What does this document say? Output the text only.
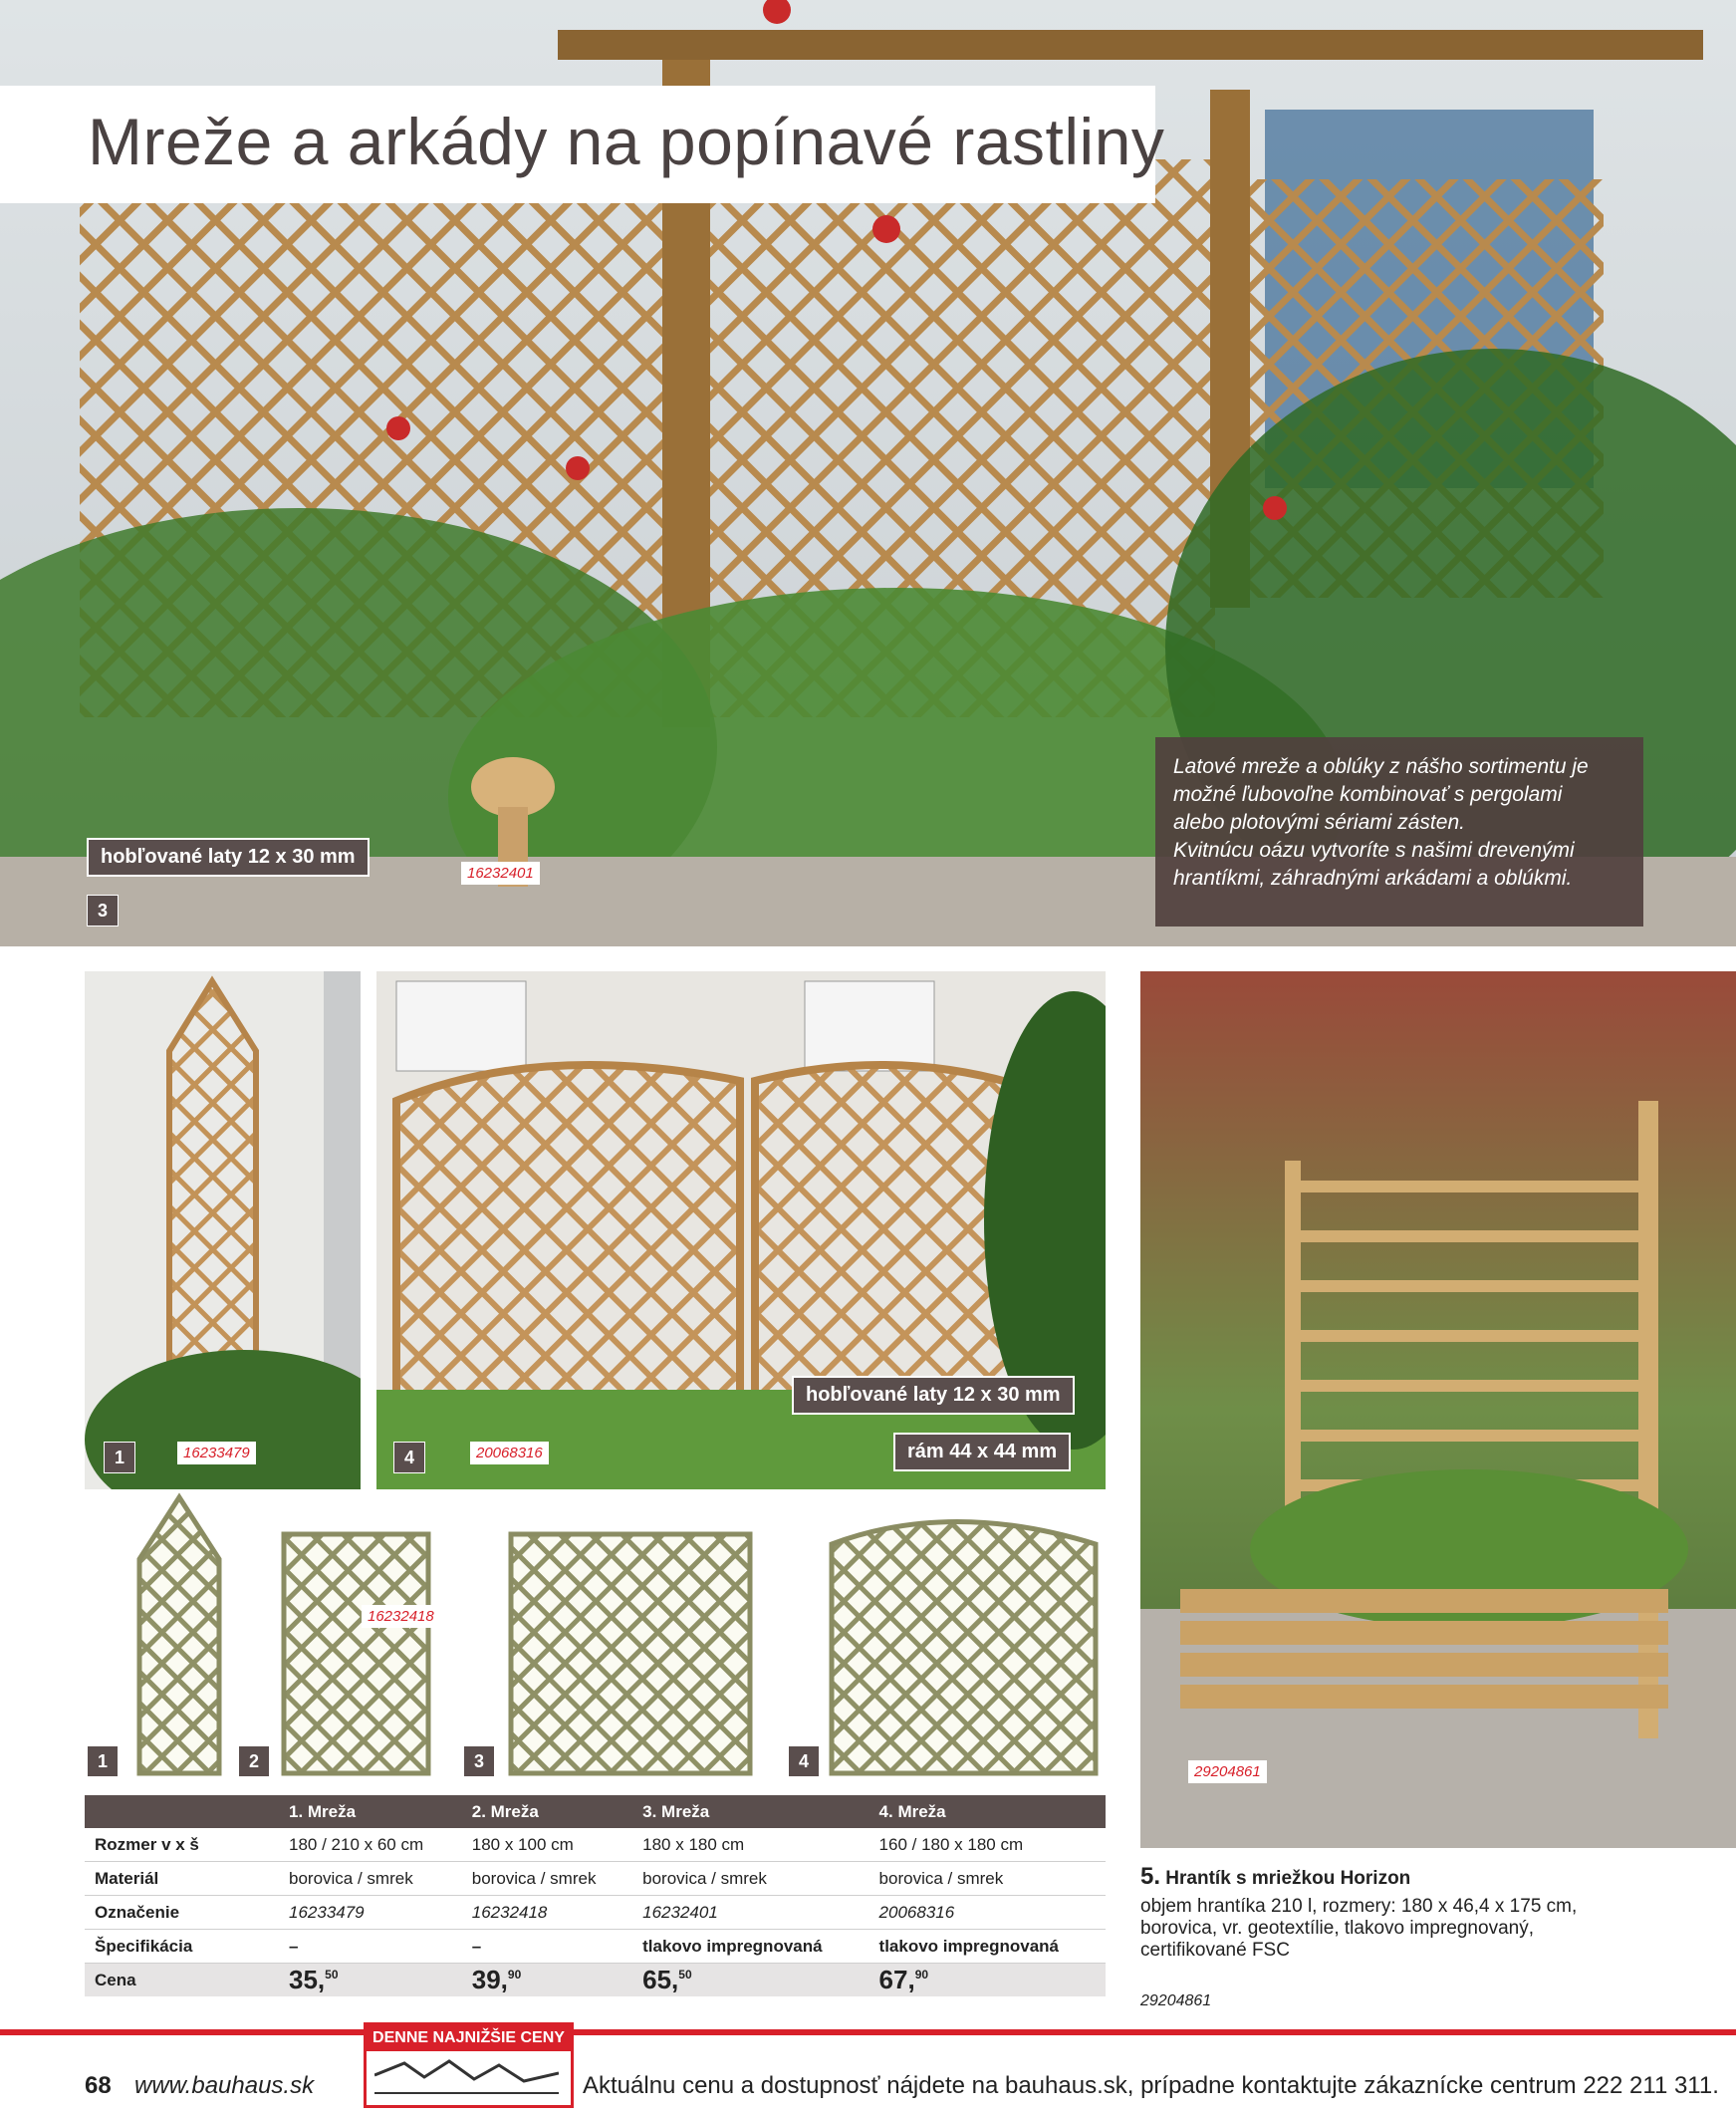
Mreže a arkády na popínavé rastliny
hobľované laty 12 x 30 mm
3
16232401
Latové mreže a oblúky z nášho sortimentu je
možné ľubovoľne kombinovať s pergolami
alebo plotovými sériami zásten.
Kvitnúcu oázu vytvoríte s našimi drevenými
hrantíkmi, záhradnými arkádami a oblúkmi.
1	16233479
hobľované laty 12 x 30 mm
rám 44 x 44 mm
4	20068316
29204861
1	2	3	4
16232418
	1. Mreža	2. Mreža	3. Mreža	4. Mreža
Rozmer v x š	180 / 210 x 60 cm	180 x 100 cm	180 x 180 cm	160 / 180 x 180 cm
Materiál	borovica / smrek	borovica / smrek	borovica / smrek	borovica / smrek
Označenie	16233479	16232418	16232401	20068316
Špecifikácia	–	–	tlakovo impregnovaná	tlakovo impregnovaná
Cena	35,50	39,90	65,50	67,90
5. Hrantík s mriežkou Horizon
objem hrantíka 210 l, rozmery: 180 x 46,4 x 175 cm, borovica, vr. geotextílie, tlakovo impregnovaný, certifikované FSC
29204861
DENNE NAJNIŽŠIE CENY
68 www.bauhaus.sk	Aktuálnu cenu a dostupnosť nájdete na bauhaus.sk, prípadne kontaktujte zákaznícke centrum 222 211 311.
